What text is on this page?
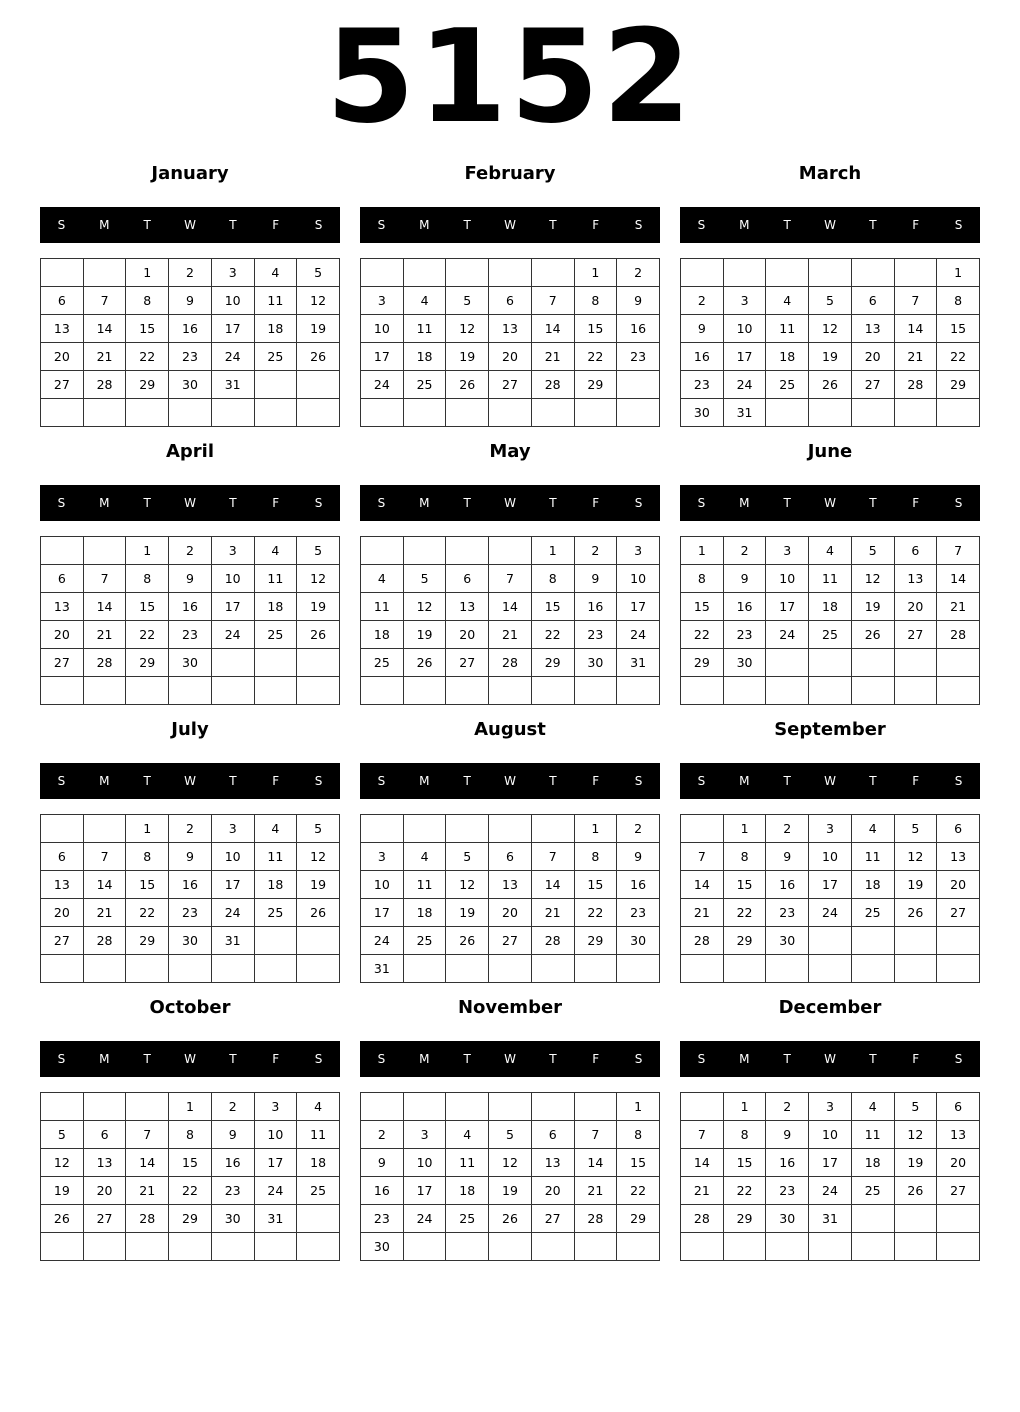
5152
January
S	M	T	W	T	F	S
		1	2	3	4	5
6	7	8	9	10	11	12
13	14	15	16	17	18	19
20	21	22	23	24	25	26
27	28	29	30	31		

February
S	M	T	W	T	F	S
					1	2
3	4	5	6	7	8	9
10	11	12	13	14	15	16
17	18	19	20	21	22	23
24	25	26	27	28	29	

March
S	M	T	W	T	F	S
						1
2	3	4	5	6	7	8
9	10	11	12	13	14	15
16	17	18	19	20	21	22
23	24	25	26	27	28	29
30	31					
April
S	M	T	W	T	F	S
		1	2	3	4	5
6	7	8	9	10	11	12
13	14	15	16	17	18	19
20	21	22	23	24	25	26
27	28	29	30			

May
S	M	T	W	T	F	S
				1	2	3
4	5	6	7	8	9	10
11	12	13	14	15	16	17
18	19	20	21	22	23	24
25	26	27	28	29	30	31

June
S	M	T	W	T	F	S
1	2	3	4	5	6	7
8	9	10	11	12	13	14
15	16	17	18	19	20	21
22	23	24	25	26	27	28
29	30					

July
S	M	T	W	T	F	S
		1	2	3	4	5
6	7	8	9	10	11	12
13	14	15	16	17	18	19
20	21	22	23	24	25	26
27	28	29	30	31		

August
S	M	T	W	T	F	S
					1	2
3	4	5	6	7	8	9
10	11	12	13	14	15	16
17	18	19	20	21	22	23
24	25	26	27	28	29	30
31						
September
S	M	T	W	T	F	S
	1	2	3	4	5	6
7	8	9	10	11	12	13
14	15	16	17	18	19	20
21	22	23	24	25	26	27
28	29	30				

October
S	M	T	W	T	F	S
			1	2	3	4
5	6	7	8	9	10	11
12	13	14	15	16	17	18
19	20	21	22	23	24	25
26	27	28	29	30	31	

November
S	M	T	W	T	F	S
						1
2	3	4	5	6	7	8
9	10	11	12	13	14	15
16	17	18	19	20	21	22
23	24	25	26	27	28	29
30						
December
S	M	T	W	T	F	S
	1	2	3	4	5	6
7	8	9	10	11	12	13
14	15	16	17	18	19	20
21	22	23	24	25	26	27
28	29	30	31			
